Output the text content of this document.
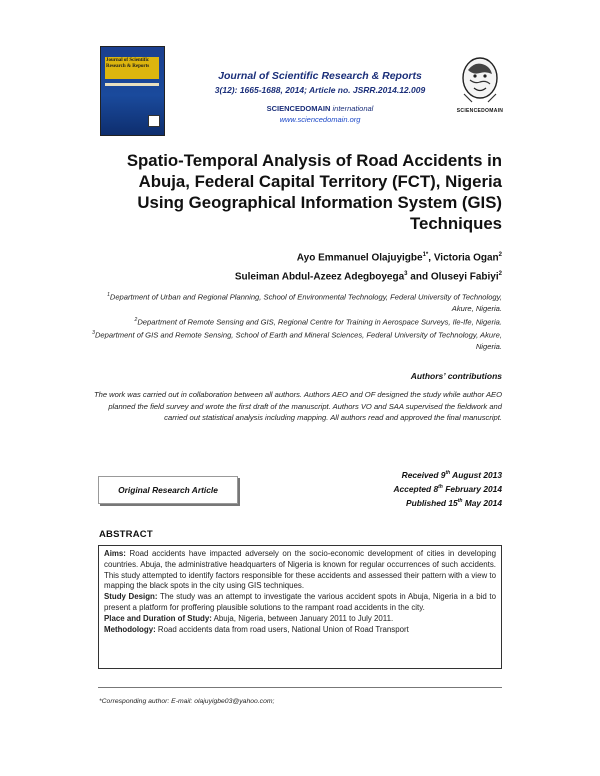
Journal of Scientific Research & Reports
Journal of Scientific Research & Reports
3(12): 1665-1688, 2014; Article no. JSRR.2014.12.009
SCIENCEDOMAIN international
www.sciencedomain.org
SCIENCEDOMAIN
Spatio-Temporal Analysis of Road Accidents in Abuja, Federal Capital Territory (FCT), Nigeria Using Geographical Information System (GIS) Techniques
Ayo Emmanuel Olajuyigbe$^{1*}$, Victoria Ogan$^2$
Suleiman Abdul-Azeez Adegboyega$^3$ and Oluseyi Fabiyi$^2$
$^1$Department of Urban and Regional Planning, School of Environmental Technology, Federal University of Technology, Akure, Nigeria.
$^2$Department of Remote Sensing and GIS, Regional Centre for Training in Aerospace Surveys, Ile-Ife, Nigeria.
$^3$Department of GIS and Remote Sensing, School of Earth and Mineral Sciences, Federal University of Technology, Akure, Nigeria.
Authors’ contributions
The work was carried out in collaboration between all authors. Authors AEO and OF designed the study while author AEO planned the field survey and wrote the first draft of the manuscript. Authors VO and SAA supervised the fieldwork and carried out statistical analysis including mapping. All authors read and approved the final manuscript.
Original Research Article
Received 9th August 2013
Accepted 8th February 2014
Published 15th May 2014
ABSTRACT
Aims: Road accidents have impacted adversely on the socio-economic development of cities in developing countries. Abuja, the administrative headquarters of Nigeria is known for regular occurrences of such accidents. This study attempted to identify factors responsible for these accidents and assessed their pattern with a view to mapping the black spots in the city using GIS techniques.
Study Design: The study was an attempt to investigate the various accident spots in Abuja, Nigeria in a bid to present a platform for proffering plausible solutions to the rampant road accidents in the city.
Place and Duration of Study: Abuja, Nigeria, between January 2011 to July 2011.
Methodology: Road accidents data from road users, National Union of Road Transport
*Corresponding author: E-mail: olajuyigbe03@yahoo.com;
